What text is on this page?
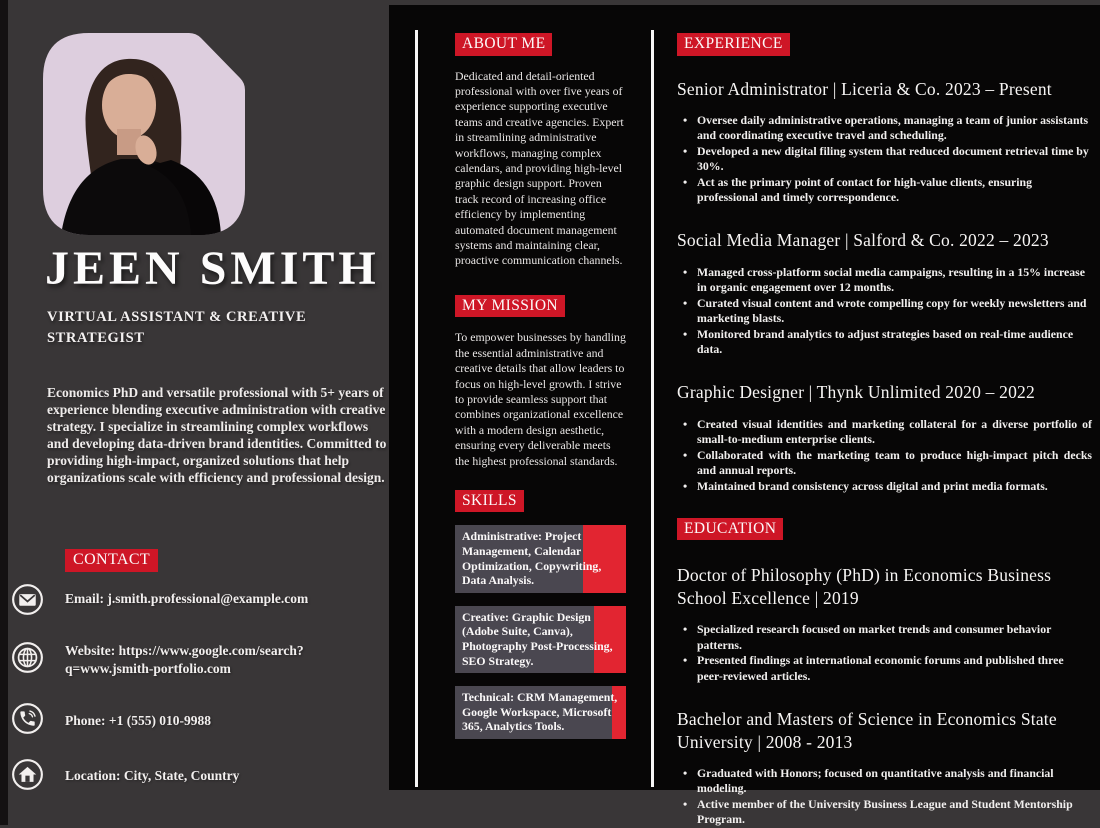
JEEN SMITH
VIRTUAL ASSISTANT & CREATIVE STRATEGIST

Economics PhD and versatile professional with 5+ years of experience blending executive administration with creative strategy. I specialize in streamlining complex workflows and developing data-driven brand identities. Committed to providing high-impact, organized solutions that help organizations scale with efficiency and professional design.

CONTACT
Email: j.smith.professional@example.com
Website: https://www.google.com/search?
q=www.jsmith-portfolio.com
Phone: +1 (555) 010-9988
Location: City, State, Country
ABOUT ME

Dedicated and detail-oriented professional with over five years of experience supporting executive teams and creative agencies. Expert in streamlining administrative workflows, managing complex calendars, and providing high-level graphic design support. Proven track record of increasing office efficiency by implementing automated document management systems and maintaining clear, proactive communication channels.

MY MISSION

To empower businesses by handling the essential administrative and creative details that allow leaders to focus on high-level growth. I strive to provide seamless support that combines organizational excellence with a modern design aesthetic, ensuring every deliverable meets the highest professional standards.

SKILLS
Administrative: Project Management, Calendar Optimization, Copywriting, Data Analysis.
Creative: Graphic Design (Adobe Suite, Canva), Photography Post-Processing, SEO Strategy.
Technical: CRM Management, Google Workspace, Microsoft 365, Analytics Tools.
EXPERIENCE
Senior Administrator | Liceria & Co. 2023 – Present
• Oversee daily administrative operations, managing a team of junior assistants and coordinating executive travel and scheduling.
• Developed a new digital filing system that reduced document retrieval time by 30%.
• Act as the primary point of contact for high-value clients, ensuring professional and timely correspondence.
Social Media Manager | Salford & Co. 2022 – 2023
• Managed cross-platform social media campaigns, resulting in a 15% increase in organic engagement over 12 months.
• Curated visual content and wrote compelling copy for weekly newsletters and marketing blasts.
• Monitored brand analytics to adjust strategies based on real-time audience data.
Graphic Designer | Thynk Unlimited 2020 – 2022
• Created visual identities and marketing collateral for a diverse portfolio of small-to-medium enterprise clients.
• Collaborated with the marketing team to produce high-impact pitch decks and annual reports.
• Maintained brand consistency across digital and print media formats.
EDUCATION
Doctor of Philosophy (PhD) in Economics Business School Excellence | 2019
• Specialized research focused on market trends and consumer behavior patterns.
• Presented findings at international economic forums and published three peer-reviewed articles.
Bachelor and Masters of Science in Economics State University | 2008 - 2013
• Graduated with Honors; focused on quantitative analysis and financial modeling.
• Active member of the University Business League and Student Mentorship Program.
